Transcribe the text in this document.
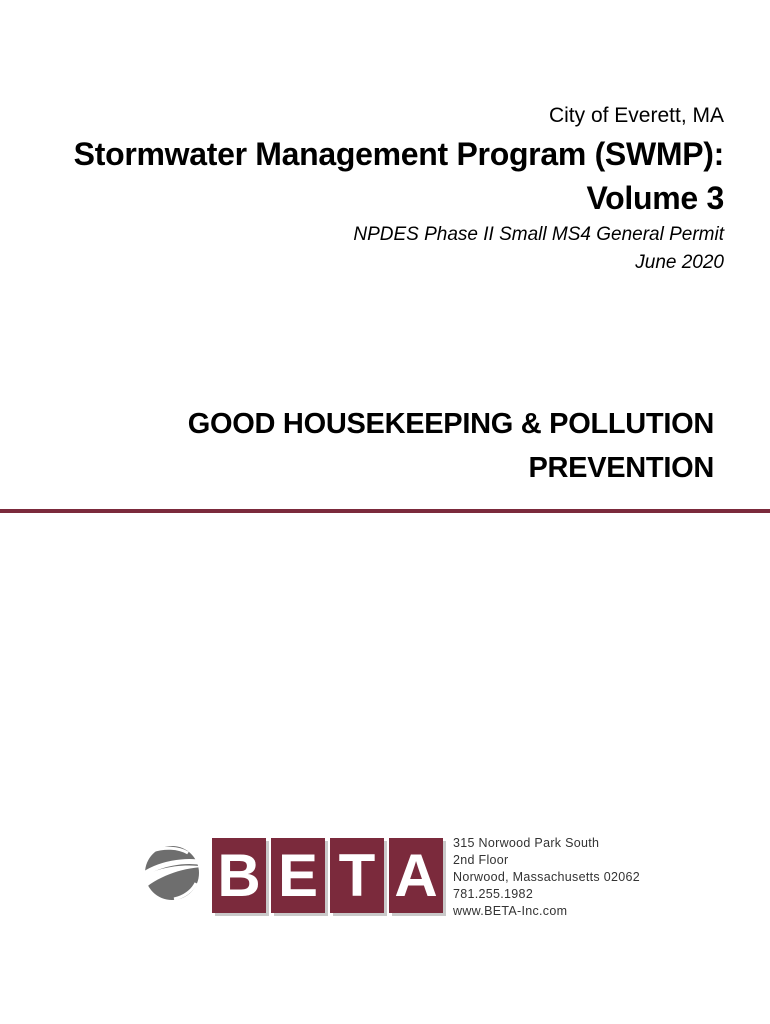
City of Everett, MA
Stormwater Management Program (SWMP):
Volume 3
NPDES Phase II Small MS4 General Permit
June 2020
GOOD HOUSEKEEPING & POLLUTION
PREVENTION
B E T A	315 Norwood Park South
2nd Floor
Norwood, Massachusetts 02062
781.255.1982
www.BETA-Inc.com
